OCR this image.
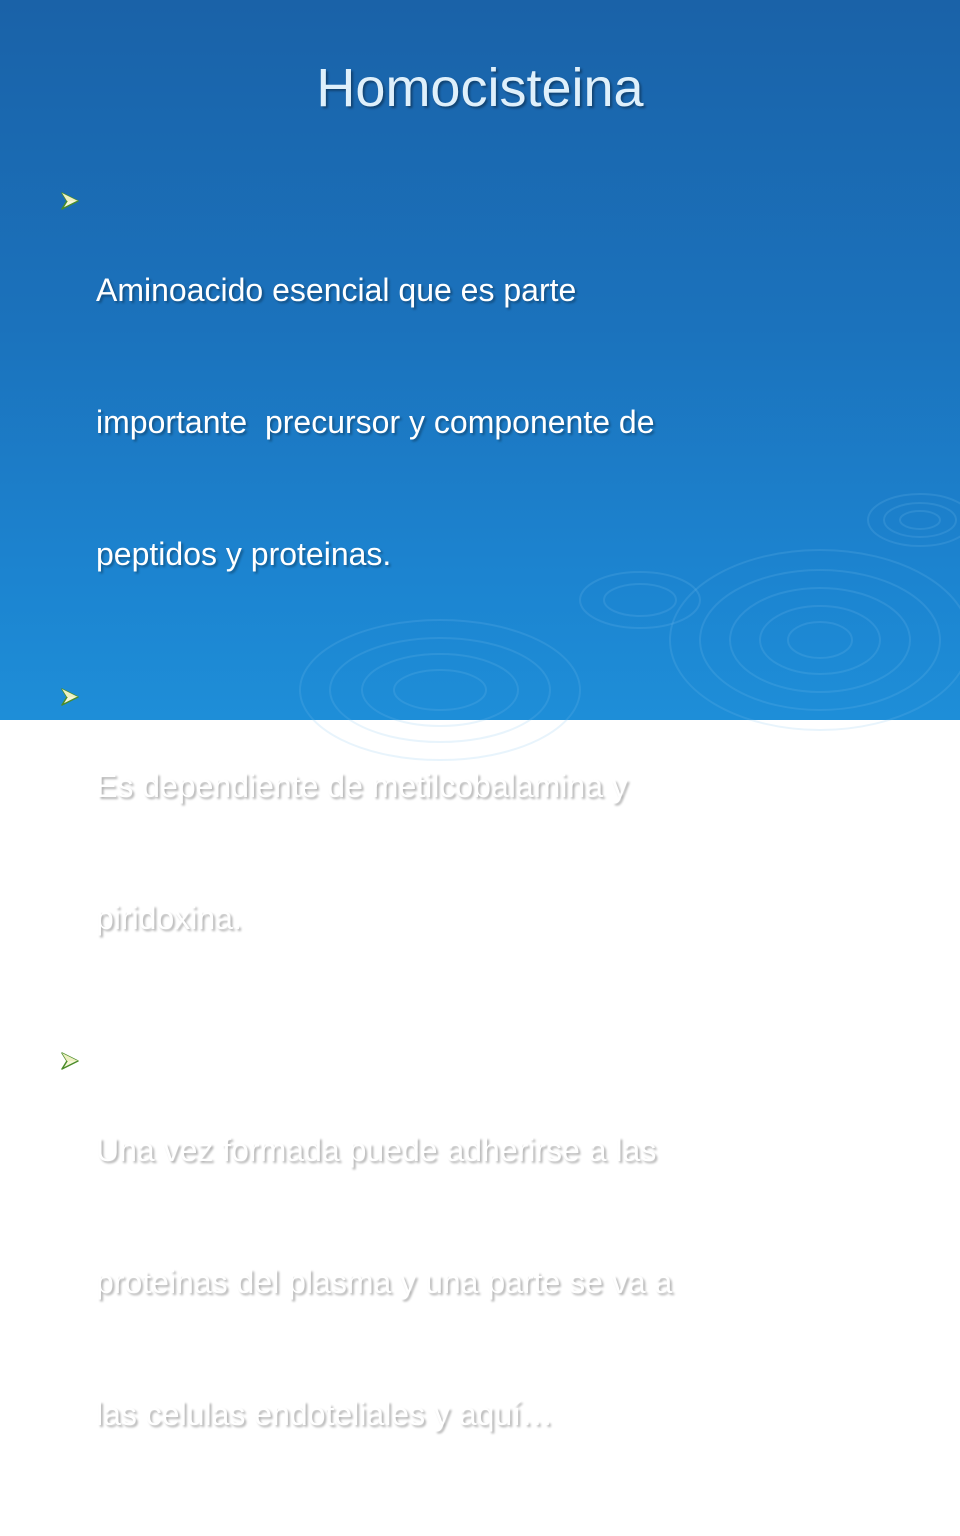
Homocisteina

Aminoacido esencial que es parte

importante  precursor y componente de

peptidos y proteinas.

Es dependiente de metilcobalamina y

piridoxina.

Una vez formada puede adherirse a las

proteinas del plasma y una parte se va a

las celulas endoteliales y aquí…
